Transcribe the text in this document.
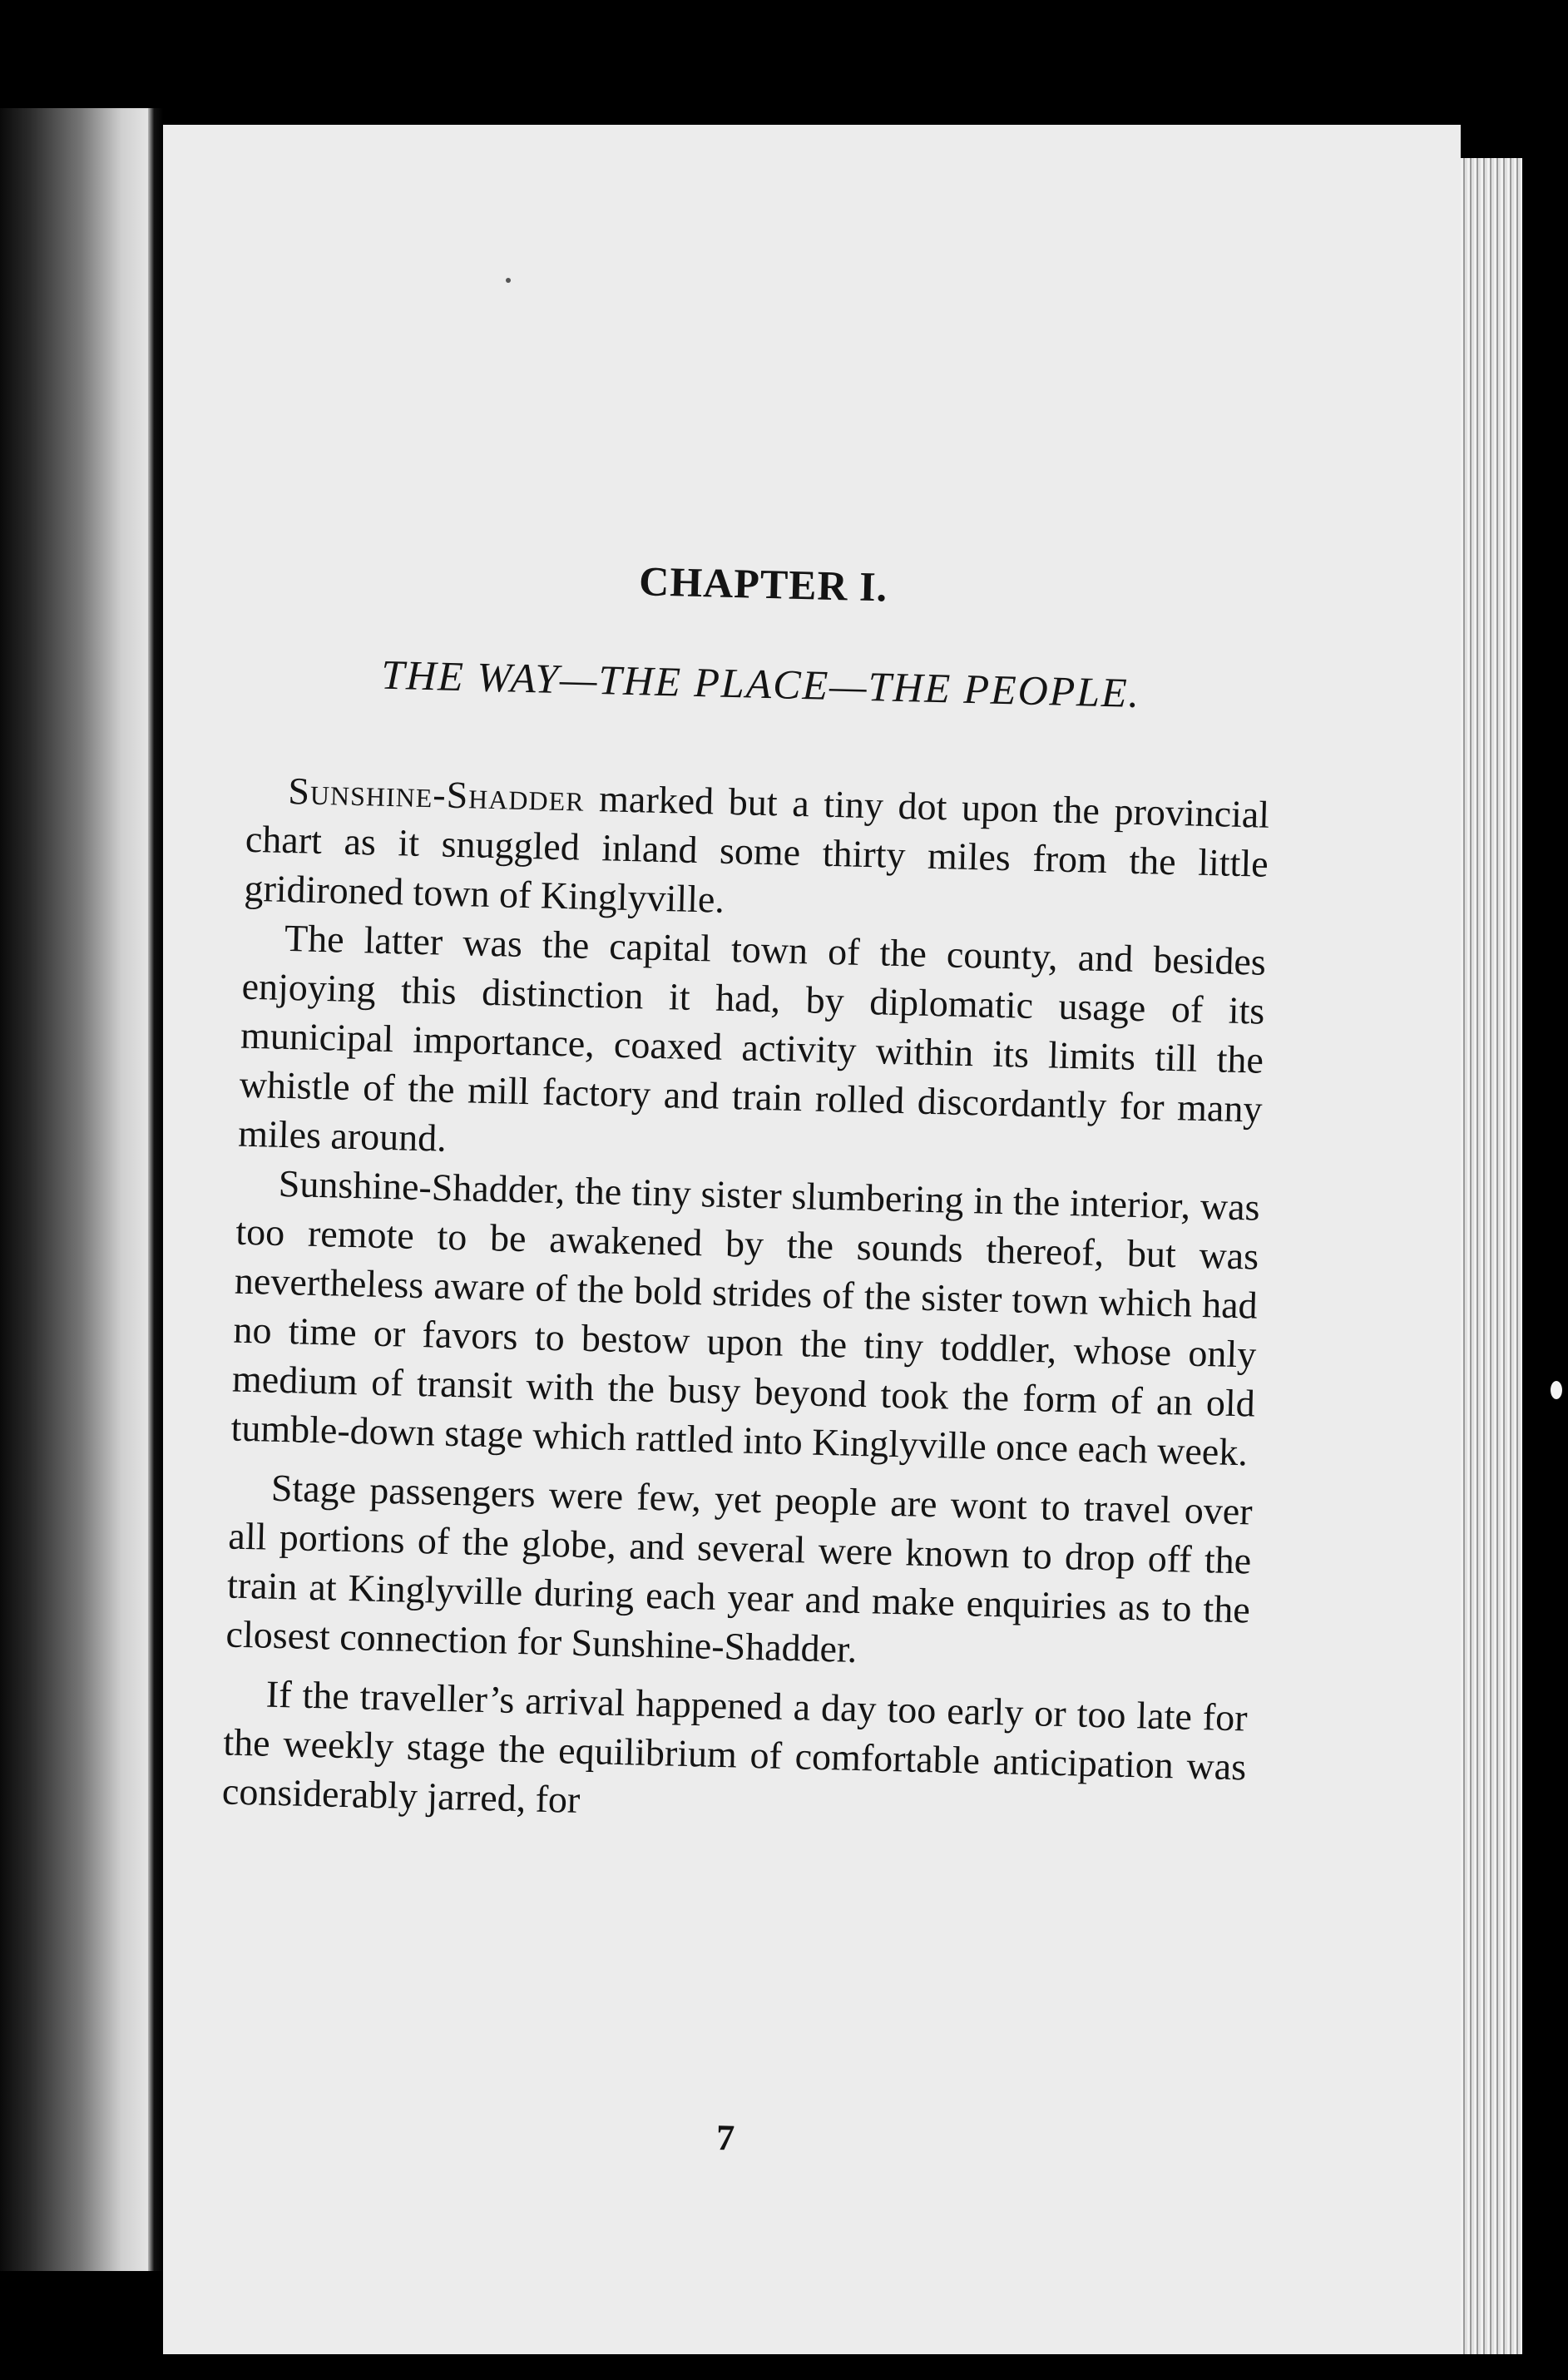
CHAPTER I.
THE WAY—THE PLACE—THE PEOPLE.

Sunshine-Shadder marked but a tiny dot upon the provincial chart as it snuggled inland some thirty miles from the little gridironed town of Kinglyville.

The latter was the capital town of the county, and besides enjoying this distinction it had, by diplomatic usage of its municipal importance, coaxed activity within its limits till the whistle of the mill factory and train rolled discordantly for many miles around.

Sunshine-Shadder, the tiny sister slumbering in the interior, was too remote to be awakened by the sounds thereof, but was nevertheless aware of the bold strides of the sister town which had no time or favors to bestow upon the tiny toddler, whose only medium of transit with the busy beyond took the form of an old tumble-down stage which rattled into Kinglyville once each week.

Stage passengers were few, yet people are wont to travel over all portions of the globe, and several were known to drop off the train at Kinglyville during each year and make enquiries as to the closest connection for Sunshine-Shadder.

If the traveller’s arrival happened a day too early or too late for the weekly stage the equilibrium of comfortable anticipation was considerably jarred, for

7
